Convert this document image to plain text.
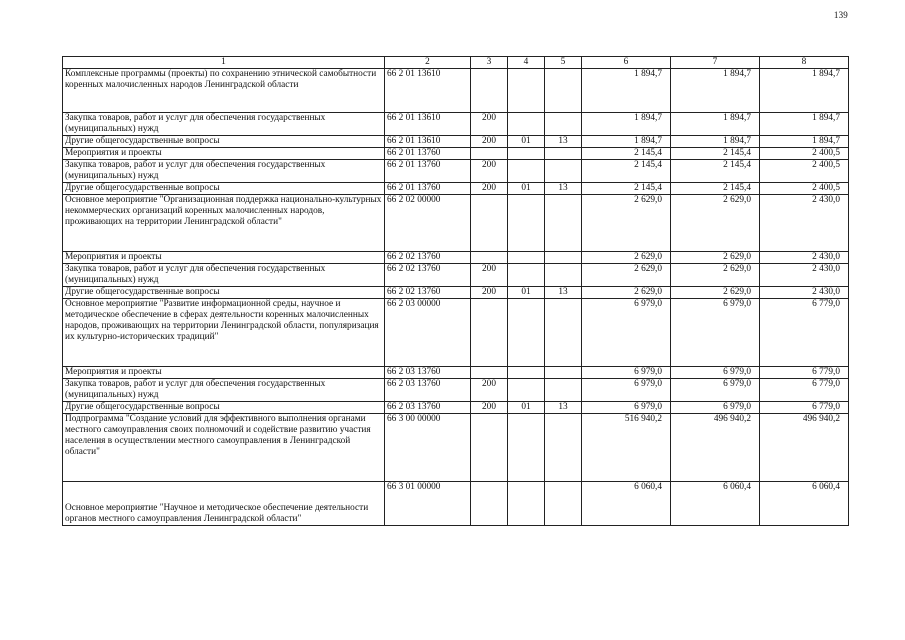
139
1	2	3	4	5	6	7	8
Комплексные программы (проекты) по сохранению этнической самобытности коренных малочисленных народов Ленинградской области	66 2 01 13610				1 894,7	1 894,7	1 894,7
Закупка товаров, работ и услуг для обеспечения государственных (муниципальных) нужд	66 2 01 13610	200			1 894,7	1 894,7	1 894,7
Другие общегосударственные вопросы	66 2 01 13610	200	01	13	1 894,7	1 894,7	1 894,7
Мероприятия и проекты	66 2 01 13760				2 145,4	2 145,4	2 400,5
Закупка товаров, работ и услуг для обеспечения государственных (муниципальных) нужд	66 2 01 13760	200			2 145,4	2 145,4	2 400,5
Другие общегосударственные вопросы	66 2 01 13760	200	01	13	2 145,4	2 145,4	2 400,5
Основное мероприятие "Организационная поддержка национально-культурных некоммерческих организаций коренных малочисленных народов, проживающих на территории Ленинградской области"	66 2 02 00000				2 629,0	2 629,0	2 430,0
Мероприятия и проекты	66 2 02 13760				2 629,0	2 629,0	2 430,0
Закупка товаров, работ и услуг для обеспечения государственных (муниципальных) нужд	66 2 02 13760	200			2 629,0	2 629,0	2 430,0
Другие общегосударственные вопросы	66 2 02 13760	200	01	13	2 629,0	2 629,0	2 430,0
Основное мероприятие "Развитие информационной среды, научное и методическое обеспечение в сферах деятельности коренных малочисленных народов, проживающих на территории Ленинградской области, популяризация их культурно-исторических традиций"	66 2 03 00000				6 979,0	6 979,0	6 779,0
Мероприятия и проекты	66 2 03 13760				6 979,0	6 979,0	6 779,0
Закупка товаров, работ и услуг для обеспечения государственных (муниципальных) нужд	66 2 03 13760	200			6 979,0	6 979,0	6 779,0
Другие общегосударственные вопросы	66 2 03 13760	200	01	13	6 979,0	6 979,0	6 779,0
Подпрограмма "Создание условий для эффективного выполнения органами местного самоуправления своих полномочий и содействие развитию участия населения в осуществлении местного самоуправления в Ленинградской области"	66 3 00 00000				516 940,2	496 940,2	496 940,2
Основное мероприятие "Научное и методическое обеспечение деятельности органов местного самоуправления Ленинградской области"	66 3 01 00000				6 060,4	6 060,4	6 060,4
